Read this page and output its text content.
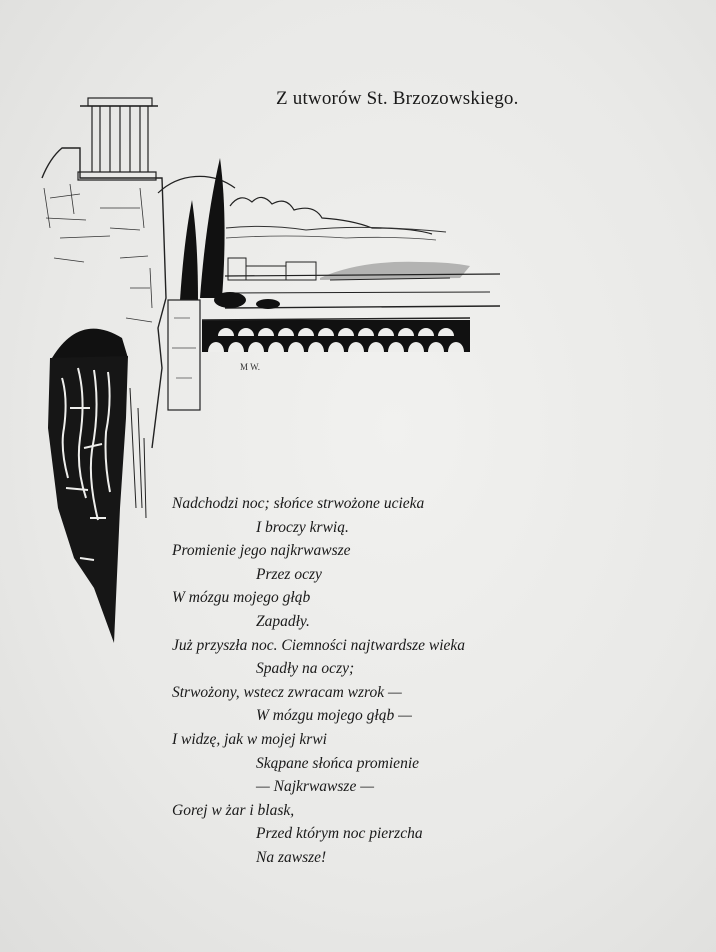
Z utworów St. Brzozowskiego.
M W.
Nadchodzi noc; słońce strwożone ucieka
I broczy krwią.
Promienie jego najkrwawsze
Przez oczy
W mózgu mojego głąb
Zapadły.
Już przyszła noc. Ciemności najtwardsze wieka
Spadły na oczy;
Strwożony, wstecz zwracam wzrok —
W mózgu mojego głąb —
I widzę, jak w mojej krwi
Skąpane słońca promienie
— Najkrwawsze —
Gorej w żar i blask,
Przed którym noc pierzcha
Na zawsze!
